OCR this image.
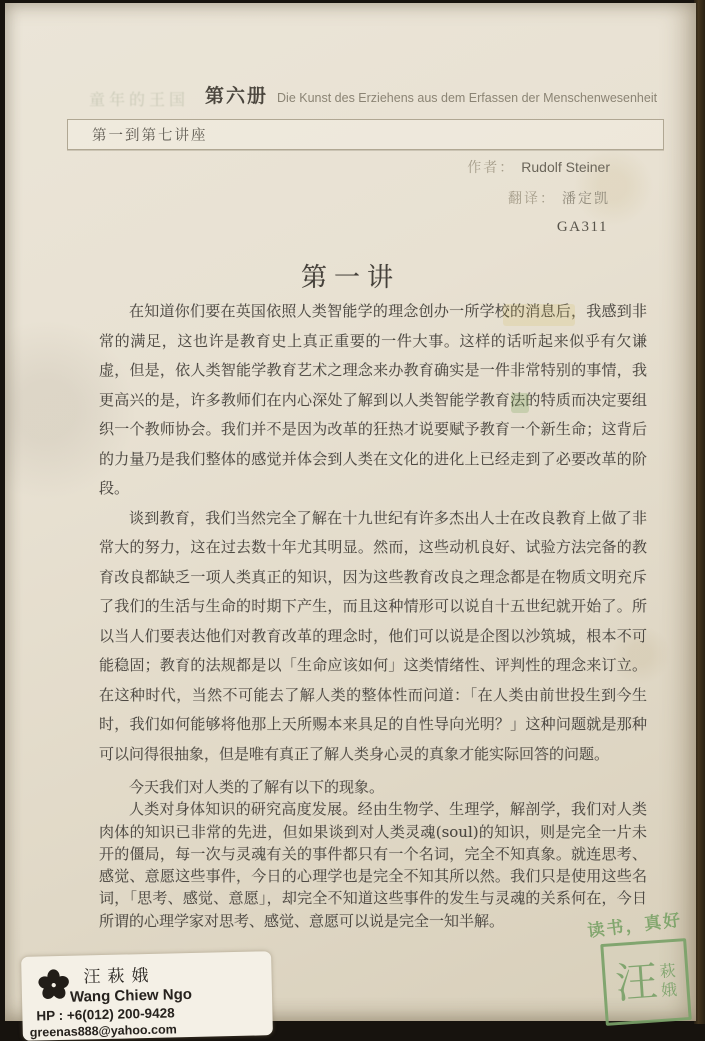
童年的王国 第六册 Die Kunst des Erziehens aus dem Erfassen der Menschenwesenheit
第一到第七讲座
作者： Rudolf Steiner
翻译： 潘定凯
GA311
第一讲

在知道你们要在英国依照人类智能学的理念创办一所学校的消息后，我感到非常的满足，这也许是教育史上真正重要的一件大事。这样的话听起来似乎有欠谦虚，但是，依人类智能学教育艺术之理念来办教育确实是一件非常特别的事情，我更高兴的是，许多教师们在内心深处了解到以人类智能学教育法的特质而决定要组织一个教师协会。我们并不是因为改革的狂热才说要赋予教育一个新生命；这背后的力量乃是我们整体的感觉并体会到人类在文化的进化上已经走到了必要改革的阶段。

谈到教育，我们当然完全了解在十九世纪有许多杰出人士在改良教育上做了非常大的努力，这在过去数十年尤其明显。然而，这些动机良好、试验方法完备的教育改良都缺乏一项人类真正的知识，因为这些教育改良之理念都是在物质文明充斥了我们的生活与生命的时期下产生，而且这种情形可以说自十五世纪就开始了。所以当人们要表达他们对教育改革的理念时，他们可以说是企图以沙筑城，根本不可能稳固；教育的法规都是以「生命应该如何」这类情绪性、评判性的理念来订立。在这种时代，当然不可能去了解人类的整体性而问道：「在人类由前世投生到今生时，我们如何能够将他那上天所赐本来具足的自性导向光明？」这种问题就是那种可以问得很抽象，但是唯有真正了解人类身心灵的真象才能实际回答的问题。

今天我们对人类的了解有以下的现象。

人类对身体知识的研究高度发展。经由生物学、生理学，解剖学，我们对人类肉体的知识已非常的先进，但如果谈到对人类灵魂(soul)的知识，则是完全一片未开的僵局，每一次与灵魂有关的事件都只有一个名词，完全不知真象。就连思考、感觉、意愿这些事件，今日的心理学也是完全不知其所以然。我们只是使用这些名词，「思考、感觉、意愿」，却完全不知道这些事件的发生与灵魂的关系何在，今日所谓的心理学家对思考、感觉、意愿可以说是完全一知半解。

汪萩娥
Wang Chiew Ngo
HP : +6(012) 200-9428
greenas888@yahoo.com
读书，真好
汪 萩
娥
